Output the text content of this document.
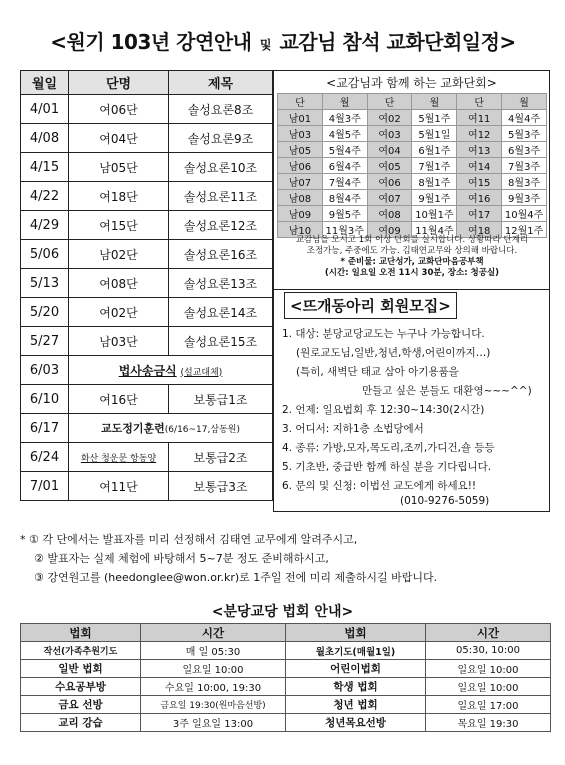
<원기 103년 강연안내 및 교감님 참석 교화단회일정>
월일	단명	제목
4/01	여06단	솔성요론8조
4/08	여04단	솔성요론9조
4/15	남05단	솔성요론10조
4/22	여18단	솔성요론11조
4/29	여15단	솔성요론12조
5/06	남02단	솔성요론16조
5/13	여08단	솔성요론13조
5/20	여02단	솔성요론14조
5/27	남03단	솔성요론15조
6/03	법사송금식 (설교대체)	
6/10	여16단	보통급1조
6/17	교도정기훈련(6/16~17,삼동원)	
6/24	화산 청운문 항동양	보통급2조
7/01	여11단	보통급3조
<교감님과 함께 하는 교화단회>
단	월	단	월	단	월
남01	4월3주	여02	5월1주	여11	4월4주
남03	4월5주	여03	5월1일	여12	5월3주
남05	5월4주	여04	6월1주	여13	6월3주
남06	6월4주	여05	7월1주	여14	7월3주
남07	7월4주	여06	8월1주	여15	8월3주
남08	8월4주	여07	9월1주	여16	9월3주
남09	9월5주	여08	10월1주	여17	10월4주
남10	11월3주	여09	11월4주	여18	12월1주
교감님을 모시고 1회 이상 단회를 실시합니다. 상황따라 단계리
조정가능, 주중에도 가능. 김태연교무와 상의해 바랍니다.
* 준비물: 교단성가, 교화단마음공부책
(시간: 일요일 오전 11시 30분, 장소: 청공실)
<뜨개동아리 회원모집>
1. 대상: 분당교당교도는 누구나 가능합니다.
(원로교도님,일반,청년,학생,어린이까지…)
(특히, 새벽단 태교 삼아 아기용품을
만들고 싶은 분들도 대환영~~~^^)
2. 언제: 일요법회 후 12:30~14:30(2시간)
3. 어디서: 지하1층 소법당에서
4. 종류: 가방,모자,목도리,조끼,가디건,숄 등등
5. 기초반, 중급반 함께 하실 분을 기다립니다.
6. 문의 및 신청: 이법선 교도에게 하세요!!
(010-9276-5059)
* ① 각 단에서는 발표자를 미리 선정해서 김태연 교무에게 알려주시고,
② 발표자는 실제 체험에 바탕해서 5~7분 정도 준비해하시고,
③ 강연원고를 (heedonglee@won.or.kr)로 1주일 전에 미리 제출하시길 바랍니다.
<분당교당 법회 안내>
법회	시간	법회	시간
작선(가족추원기도	매 일 05:30	월초기도(매월1일)	05:30, 10:00
일반 법회	일요일 10:00	어린이법회	일요일 10:00
수요공부방	수요일 10:00, 19:30	학생 법회	일요일 10:00
금요 선방	금요일 19:30(원마음선방)	청년 법회	일요일 17:00
교리 강습	3주 일요일 13:00	청년목요선방	목요일 19:30
